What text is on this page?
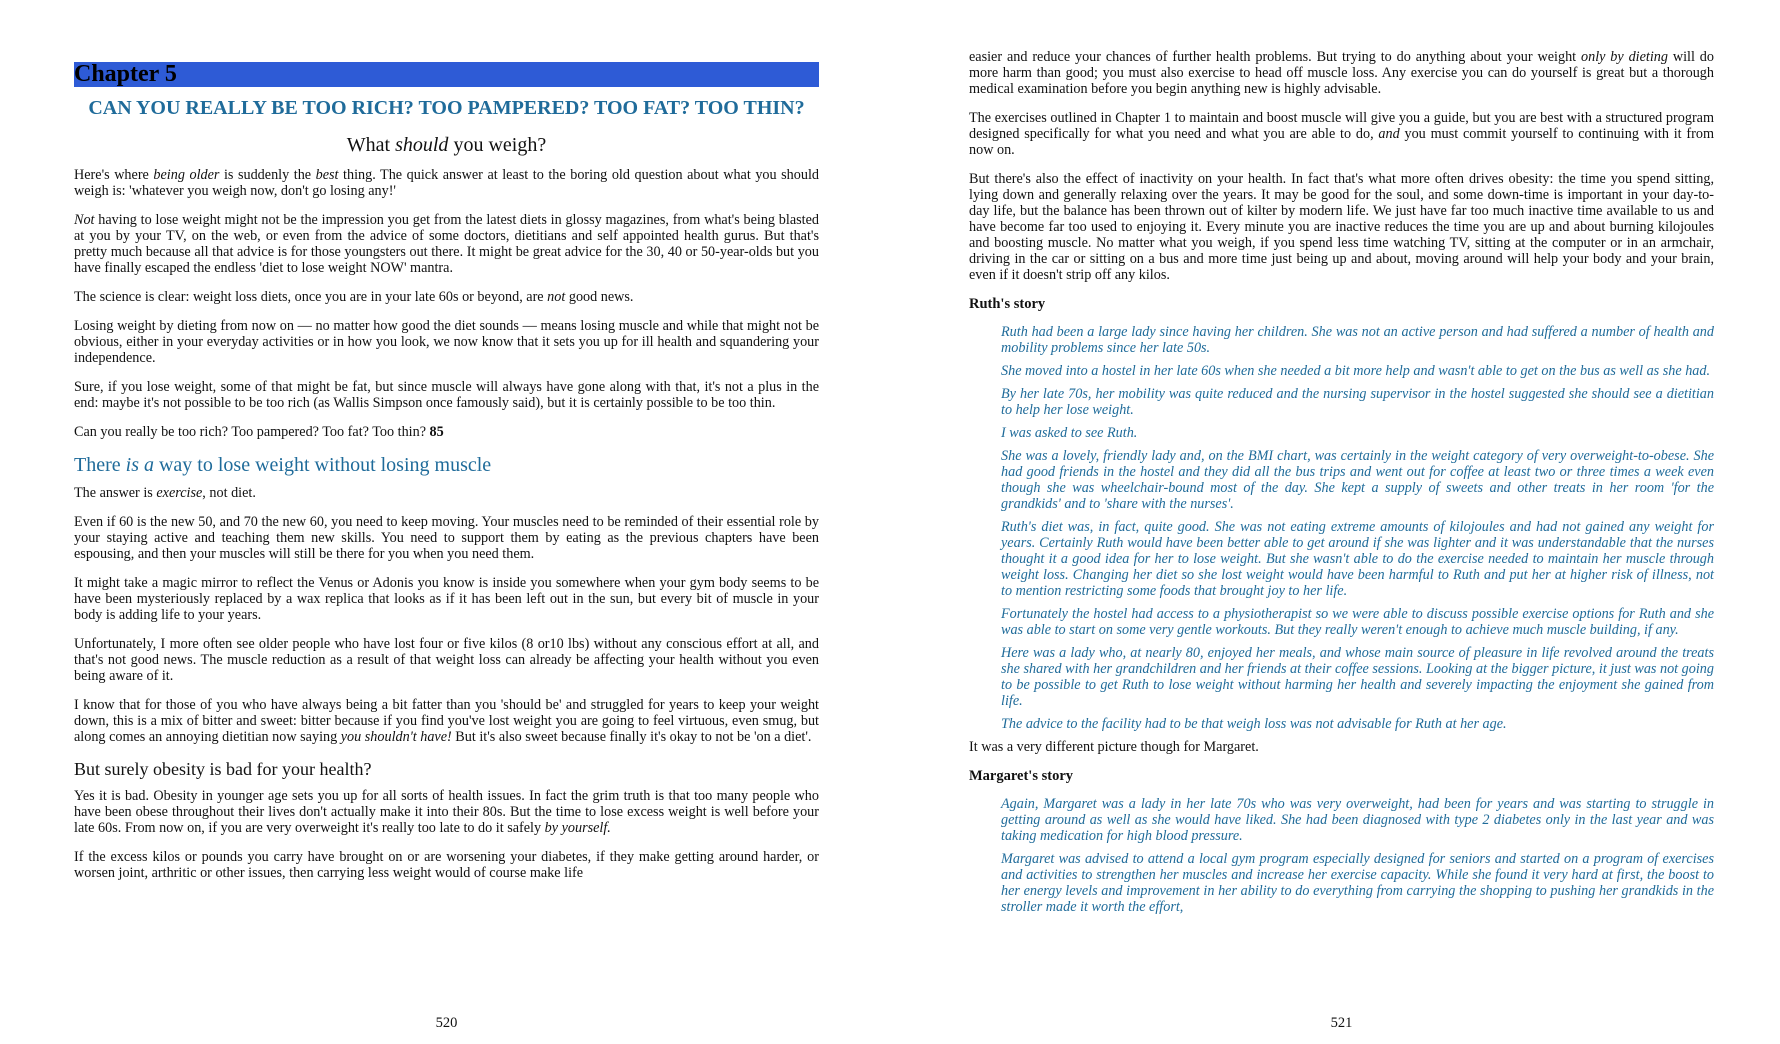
Chapter 5
CAN YOU REALLY BE TOO RICH? TOO PAMPERED? TOO FAT? TOO THIN?
What should you weigh?

Here's where being older is suddenly the best thing. The quick answer at least to the boring old question about what you should weigh is: 'whatever you weigh now, don't go losing any!'

Not having to lose weight might not be the impression you get from the latest diets in glossy magazines, from what's being blasted at you by your TV, on the web, or even from the advice of some doctors, dietitians and self appointed health gurus. But that's pretty much because all that advice is for those youngsters out there. It might be great advice for the 30, 40 or 50-year-olds but you have finally escaped the endless 'diet to lose weight NOW' mantra.

The science is clear: weight loss diets, once you are in your late 60s or beyond, are not good news.

Losing weight by dieting from now on — no matter how good the diet sounds — means losing muscle and while that might not be obvious, either in your everyday activities or in how you look, we now know that it sets you up for ill health and squandering your independence.

Sure, if you lose weight, some of that might be fat, but since muscle will always have gone along with that, it's not a plus in the end: maybe it's not possible to be too rich (as Wallis Simpson once famously said), but it is certainly possible to be too thin.

Can you really be too rich? Too pampered? Too fat? Too thin? 85

There is a way to lose weight without losing muscle

The answer is exercise, not diet.

Even if 60 is the new 50, and 70 the new 60, you need to keep moving. Your muscles need to be reminded of their essential role by your staying active and teaching them new skills. You need to support them by eating as the previous chapters have been espousing, and then your muscles will still be there for you when you need them.

It might take a magic mirror to reflect the Venus or Adonis you know is inside you somewhere when your gym body seems to be have been mysteriously replaced by a wax replica that looks as if it has been left out in the sun, but every bit of muscle in your body is adding life to your years.

Unfortunately, I more often see older people who have lost four or five kilos (8 or10 lbs) without any conscious effort at all, and that's not good news. The muscle reduction as a result of that weight loss can already be affecting your health without you even being aware of it.

I know that for those of you who have always being a bit fatter than you 'should be' and struggled for years to keep your weight down, this is a mix of bitter and sweet: bitter because if you find you've lost weight you are going to feel virtuous, even smug, but along comes an annoying dietitian now saying you shouldn't have! But it's also sweet because finally it's okay to not be 'on a diet'.

But surely obesity is bad for your health?

Yes it is bad. Obesity in younger age sets you up for all sorts of health issues. In fact the grim truth is that too many people who have been obese throughout their lives don't actually make it into their 80s. But the time to lose excess weight is well before your late 60s. From now on, if you are very overweight it's really too late to do it safely by yourself.

If the excess kilos or pounds you carry have brought on or are worsening your diabetes, if they make getting around harder, or worsen joint, arthritic or other issues, then carrying less weight would of course make life

520

easier and reduce your chances of further health problems. But trying to do anything about your weight only by dieting will do more harm than good; you must also exercise to head off muscle loss. Any exercise you can do yourself is great but a thorough medical examination before you begin anything new is highly advisable.

The exercises outlined in Chapter 1 to maintain and boost muscle will give you a guide, but you are best with a structured program designed specifically for what you need and what you are able to do, and you must commit yourself to continuing with it from now on.

But there's also the effect of inactivity on your health. In fact that's what more often drives obesity: the time you spend sitting, lying down and generally relaxing over the years. It may be good for the soul, and some down-time is important in your day-to-day life, but the balance has been thrown out of kilter by modern life. We just have far too much inactive time available to us and have become far too used to enjoying it. Every minute you are inactive reduces the time you are up and about burning kilojoules and boosting muscle. No matter what you weigh, if you spend less time watching TV, sitting at the computer or in an armchair, driving in the car or sitting on a bus and more time just being up and about, moving around will help your body and your brain, even if it doesn't strip off any kilos.

Ruth's story

Ruth had been a large lady since having her children. She was not an active person and had suffered a number of health and mobility problems since her late 50s.

She moved into a hostel in her late 60s when she needed a bit more help and wasn't able to get on the bus as well as she had.

By her late 70s, her mobility was quite reduced and the nursing supervisor in the hostel suggested she should see a dietitian to help her lose weight.

I was asked to see Ruth.

She was a lovely, friendly lady and, on the BMI chart, was certainly in the weight category of very overweight-to-obese. She had good friends in the hostel and they did all the bus trips and went out for coffee at least two or three times a week even though she was wheelchair-bound most of the day. She kept a supply of sweets and other treats in her room 'for the grandkids' and to 'share with the nurses'.

Ruth's diet was, in fact, quite good. She was not eating extreme amounts of kilojoules and had not gained any weight for years. Certainly Ruth would have been better able to get around if she was lighter and it was understandable that the nurses thought it a good idea for her to lose weight. But she wasn't able to do the exercise needed to maintain her muscle through weight loss. Changing her diet so she lost weight would have been harmful to Ruth and put her at higher risk of illness, not to mention restricting some foods that brought joy to her life.

Fortunately the hostel had access to a physiotherapist so we were able to discuss possible exercise options for Ruth and she was able to start on some very gentle workouts. But they really weren't enough to achieve much muscle building, if any.

Here was a lady who, at nearly 80, enjoyed her meals, and whose main source of pleasure in life revolved around the treats she shared with her grandchildren and her friends at their coffee sessions. Looking at the bigger picture, it just was not going to be possible to get Ruth to lose weight without harming her health and severely impacting the enjoyment she gained from life.

The advice to the facility had to be that weigh loss was not advisable for Ruth at her age.

It was a very different picture though for Margaret.

Margaret's story

Again, Margaret was a lady in her late 70s who was very overweight, had been for years and was starting to struggle in getting around as well as she would have liked. She had been diagnosed with type 2 diabetes only in the last year and was taking medication for high blood pressure.

Margaret was advised to attend a local gym program especially designed for seniors and started on a program of exercises and activities to strengthen her muscles and increase her exercise capacity. While she found it very hard at first, the boost to her energy levels and improvement in her ability to do everything from carrying the shopping to pushing her grandkids in the stroller made it worth the effort,

521
